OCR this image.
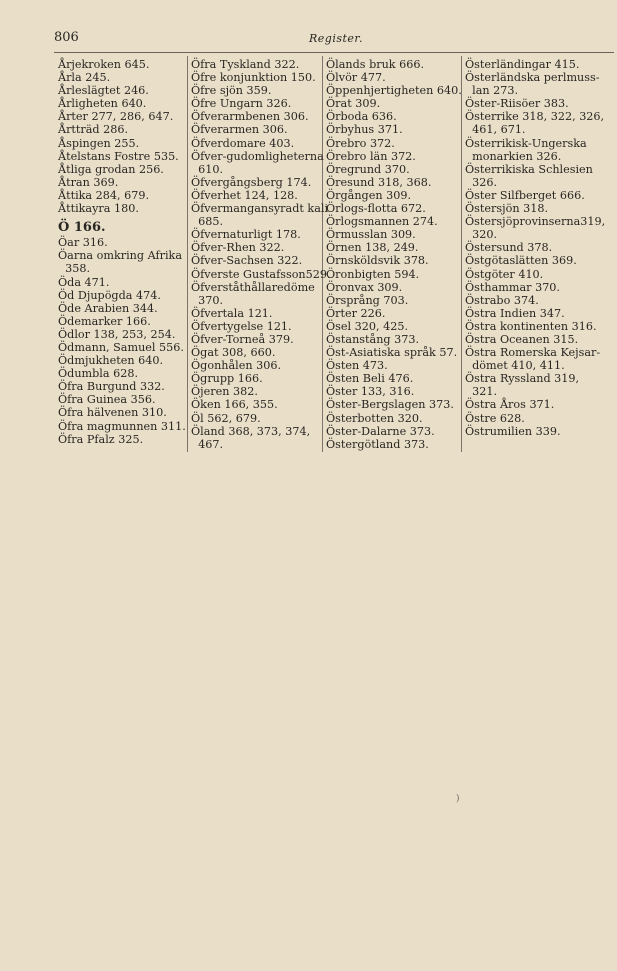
806	Register.
Årjekroken 645.
Årla 245.
Årleslägtet 246.
Årligheten 640.
Årter 277, 286, 647.
Årtträd 286.
Åspingen 255.
Åtelstans Fostre 535.
Åtliga grodan 256.
Åtran 369.
Åttika 284, 679.
Åttikayra 180.
Ö 166.
Öar 316.
Öarna omkring Afrika
358.
Öda 471.
Öd Djupögda 474.
Öde Arabien 344.
Ödemarker 166.
Ödlor 138, 253, 254.
Ödmann, Samuel 556.
Ödmjukheten 640.
Ödumbla 628.
Öfra Burgund 332.
Öfra Guinea 356.
Öfra hälvenen 310.
Öfra magmunnen 311.
Öfra Pfalz 325.
Öfra Tyskland 322.
Öfre konjunktion 150.
Öfre sjön 359.
Öfre Ungarn 326.
Öfverarmbenen 306.
Öfverarmen 306.
Öfverdomare 403.
Öfver-gudomligheterna
610.
Öfvergångsberg 174.
Öfverhet 124, 128.
Öfvermangansyradt kali
685.
Öfvernaturligt 178.
Öfver-Rhen 322.
Öfver-Sachsen 322.
Öfverste Gustafsson529.
Öfverståthållaredöme
370.
Öfvertala 121.
Öfvertygelse 121.
Öfver-Torneå 379.
Ögat 308, 660.
Ögonhålen 306.
Ögrupp 166.
Öjeren 382.
Öken 166, 355.
Öl 562, 679.
Öland 368, 373, 374,
467.
Ölands bruk 666.
Ölvör 477.
Öppenhjertigheten 640.
Örat 309.
Örboda 636.
Örbyhus 371.
Örebro 372.
Örebro län 372.
Öregrund 370.
Öresund 318, 368.
Örgången 309.
Örlogs-flotta 672.
Örlogsmannen 274.
Örmusslan 309.
Örnen 138, 249.
Örnsköldsvik 378.
Öronbigten 594.
Öronvax 309.
Örsprång 703.
Örter 226.
Ösel 320, 425.
Östanstång 373.
Öst-Asiatiska språk 57.
Östen 473.
Östen Beli 476.
Öster 133, 316.
Öster-Bergslagen 373.
Österbotten 320.
Öster-Dalarne 373.
Östergötland 373.
Österländingar 415.
Österländska perlmuss-
lan 273.
Öster-Riisöer 383.
Österrike 318, 322, 326,
461, 671.
Österrikisk-Ungerska
monarkien 326.
Österrikiska Schlesien
326.
Öster Silfberget 666.
Östersjön 318.
Östersjöprovinserna319,
320.
Östersund 378.
Östgötaslätten 369.
Östgöter 410.
Östhammar 370.
Östrabo 374.
Östra Indien 347.
Östra kontinenten 316.
Östra Oceanen 315.
Östra Romerska Kejsar-
dömet 410, 411.
Östra Ryssland 319,
321.
Östra Åros 371.
Östre 628.
Östrumilien 339.
)
